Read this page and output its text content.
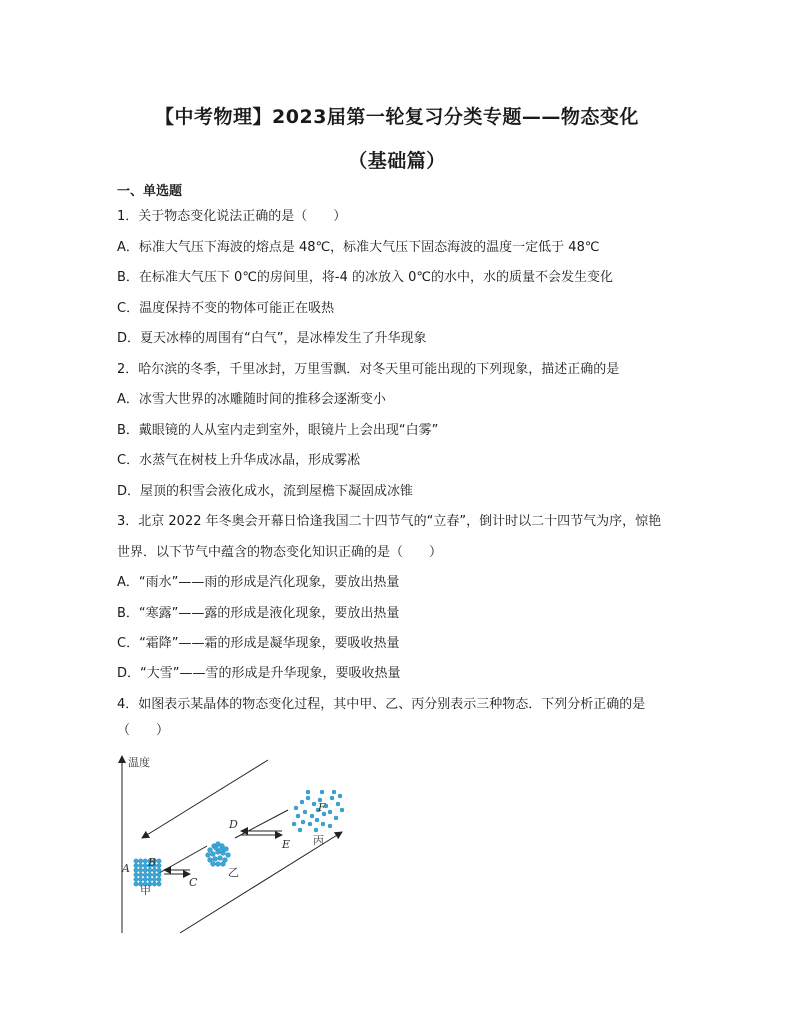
【中考物理】2023届第一轮复习分类专题——物态变化
（基础篇）
一、单选题
1．关于物态变化说法正确的是（　　）
A．标准大气压下海波的熔点是 48℃，标准大气压下固态海波的温度一定低于 48℃
B．在标准大气压下 0℃的房间里，将-4 的冰放入 0℃的水中，水的质量不会发生变化
C．温度保持不变的物体可能正在吸热
D．夏天冰棒的周围有“白气”，是冰棒发生了升华现象
2．哈尔滨的冬季，千里冰封，万里雪飘．对冬天里可能出现的下列现象，描述正确的是
A．冰雪大世界的冰雕随时间的推移会逐渐变小
B．戴眼镜的人从室内走到室外，眼镜片上会出现“白雾”
C．水蒸气在树枝上升华成冰晶，形成雾凇
D．屋顶的积雪会液化成水，流到屋檐下凝固成冰锥
3．北京 2022 年冬奥会开幕日恰逢我国二十四节气的“立春”，倒计时以二十四节气为序，惊艳
世界．以下节气中蕴含的物态变化知识正确的是（　　）
A．“雨水”——雨的形成是汽化现象，要放出热量
B．“寒露”——露的形成是液化现象，要放出热量
C．“霜降”——霜的形成是凝华现象，要吸收热量
D．“大雪”——雪的形成是升华现象，要吸收热量
4．如图表示某晶体的物态变化过程，其中甲、乙、丙分别表示三种物态．下列分析正确的是
（　　）
温度
A B
C
D
E
F
甲
乙
丙
